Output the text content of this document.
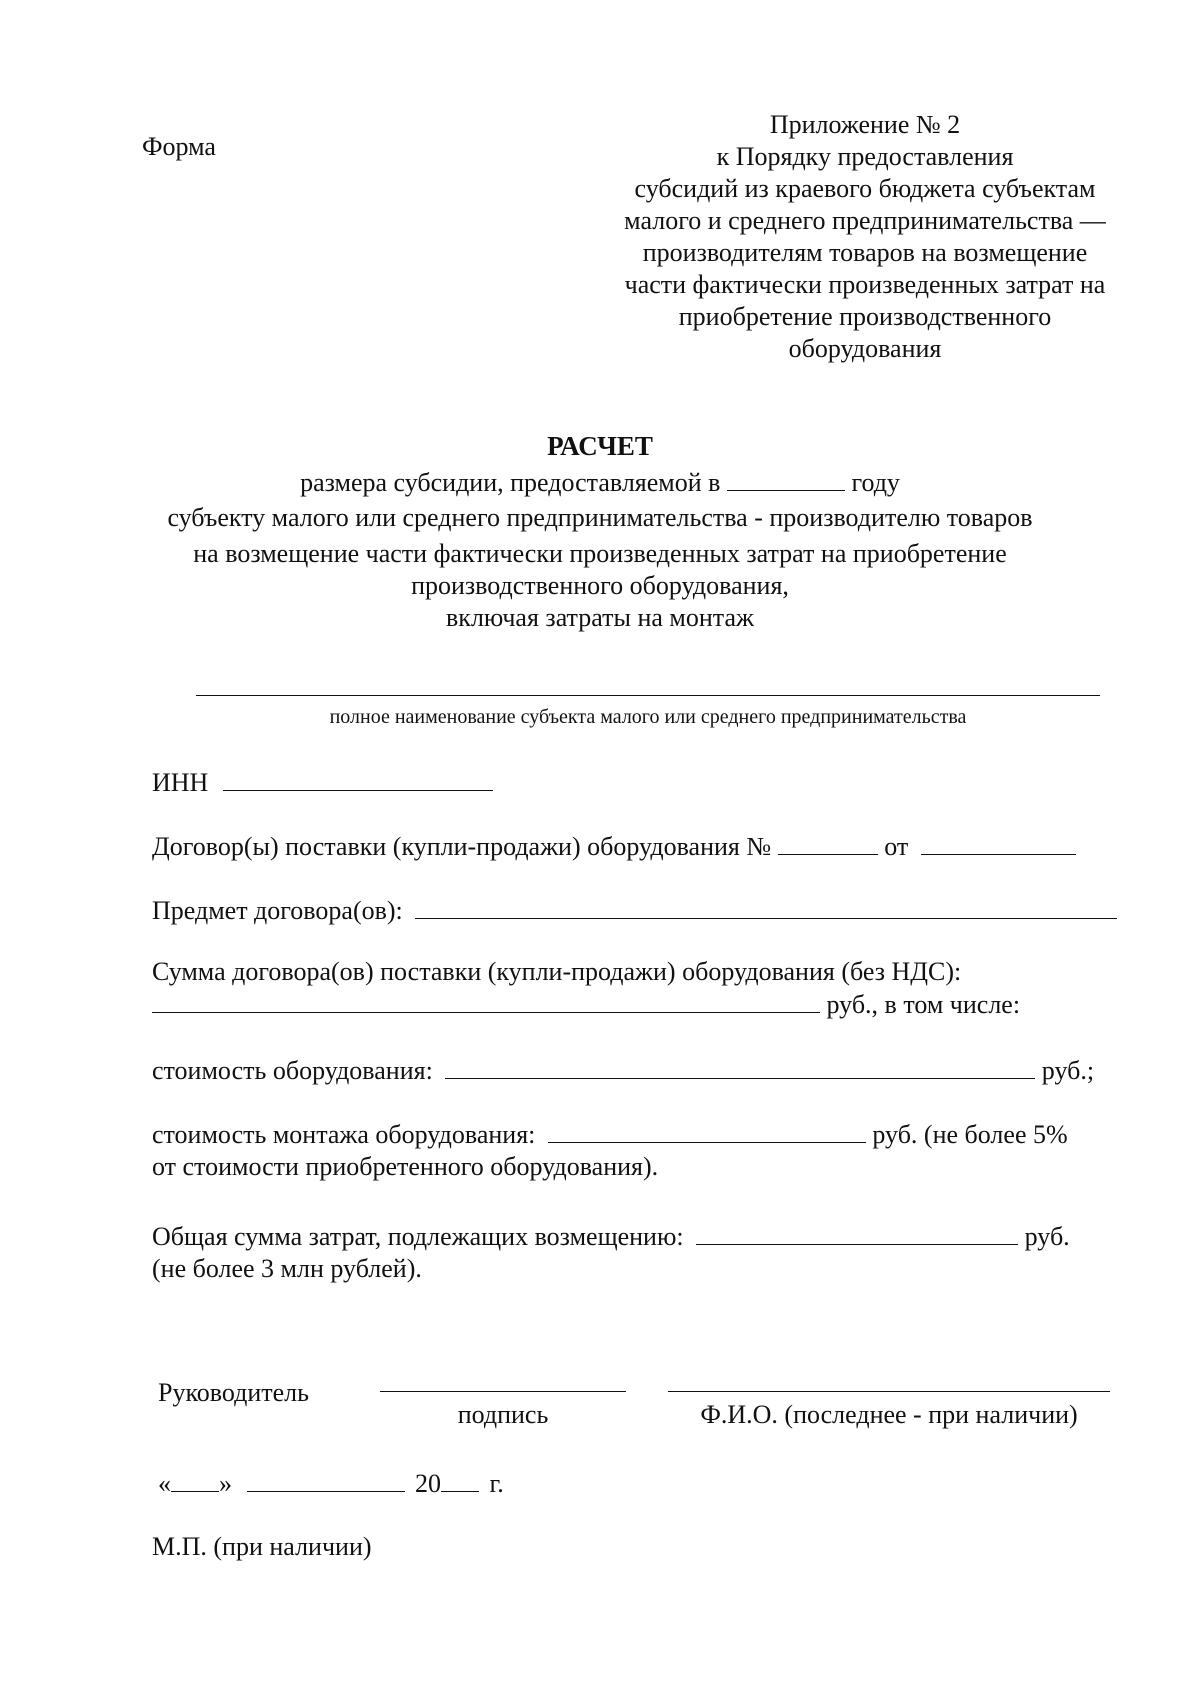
Форма
Приложение № 2
к Порядку предоставления
субсидий из краевого бюджета субъектам
малого и среднего предпринимательства —
производителям товаров на возмещение
части фактически произведенных затрат на
приобретение производственного
оборудования
РАСЧЕТ
размера субсидии, предоставляемой в	году
субъекту малого или среднего предпринимательства - производителю товаров
на возмещение части фактически произведенных затрат на приобретение
производственного оборудования,
включая затраты на монтаж
полное наименование субъекта малого или среднего предпринимательства
ИНН
Договор(ы) поставки (купли-продажи) оборудования №	от
Предмет договора(ов):
Сумма договора(ов) поставки (купли-продажи) оборудования (без НДС):
руб., в том числе:
стоимость оборудования:	руб.;
стоимость монтажа оборудования:	руб. (не более 5%
от стоимости приобретенного оборудования).
Общая сумма затрат, подлежащих возмещению:	руб.
(не более 3 млн рублей).
Руководитель
подпись	Ф.И.О. (последнее - при наличии)
« »	20 г.
М.П. (при наличии)
